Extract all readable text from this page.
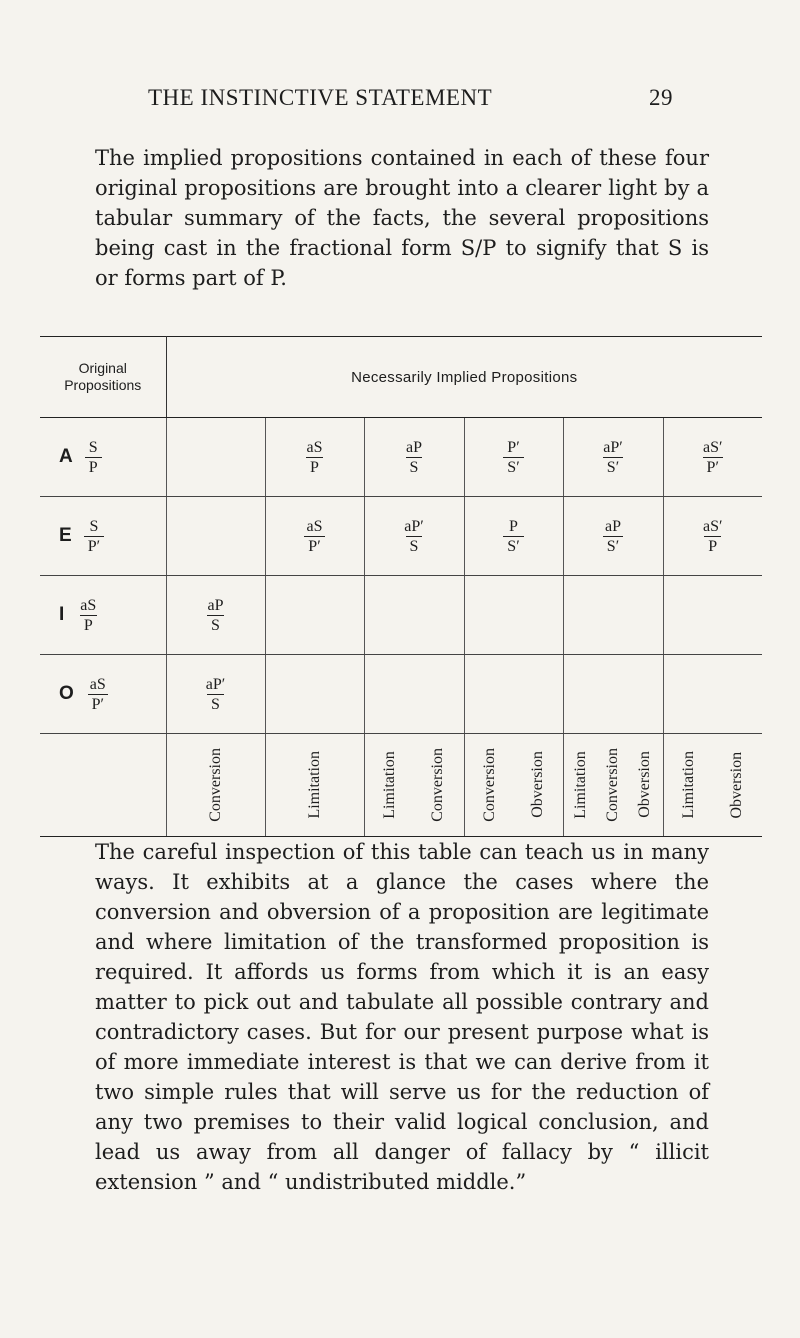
THE INSTINCTIVE STATEMENT	29

The implied propositions contained in each of these four original propositions are brought into a clearer light by a tabular summary of the facts, the several propositions being cast in the fractional form S/P to signify that S is or forms part of P.

Original
Propositions	Necessarily Implied Propositions					

A $\frac{S}{P}$		$\frac{aS}{P}$	$\frac{aP}{S}$	$\frac{P'}{S'}$	$\frac{aP'}{S'}$	$\frac{aS'}{P'}$

E $\frac{S}{P'}$		$\frac{aS}{P'}$	$\frac{aP'}{S}$	$\frac{P}{S'}$	$\frac{aP}{S'}$	$\frac{aS'}{P}$

I $\frac{aS}{P}$	$\frac{aP}{S}$

O $\frac{aS}{P'}$	$\frac{aP'}{S}$

	Conversion	Limitation	Limitation Conversion	Conversion Obversion	Limitation Conversion Obversion	Limitation Obversion

The careful inspection of this table can teach us in many ways. It exhibits at a glance the cases where the conversion and obversion of a proposition are legitimate and where limitation of the transformed proposition is required. It affords us forms from which it is an easy matter to pick out and tabulate all possible contrary and contradictory cases. But for our present purpose what is of more immediate interest is that we can derive from it two simple rules that will serve us for the reduction of any two premises to their valid logical conclusion, and lead us away from all danger of fallacy by “ illicit extension ” and “ undistributed middle.”
